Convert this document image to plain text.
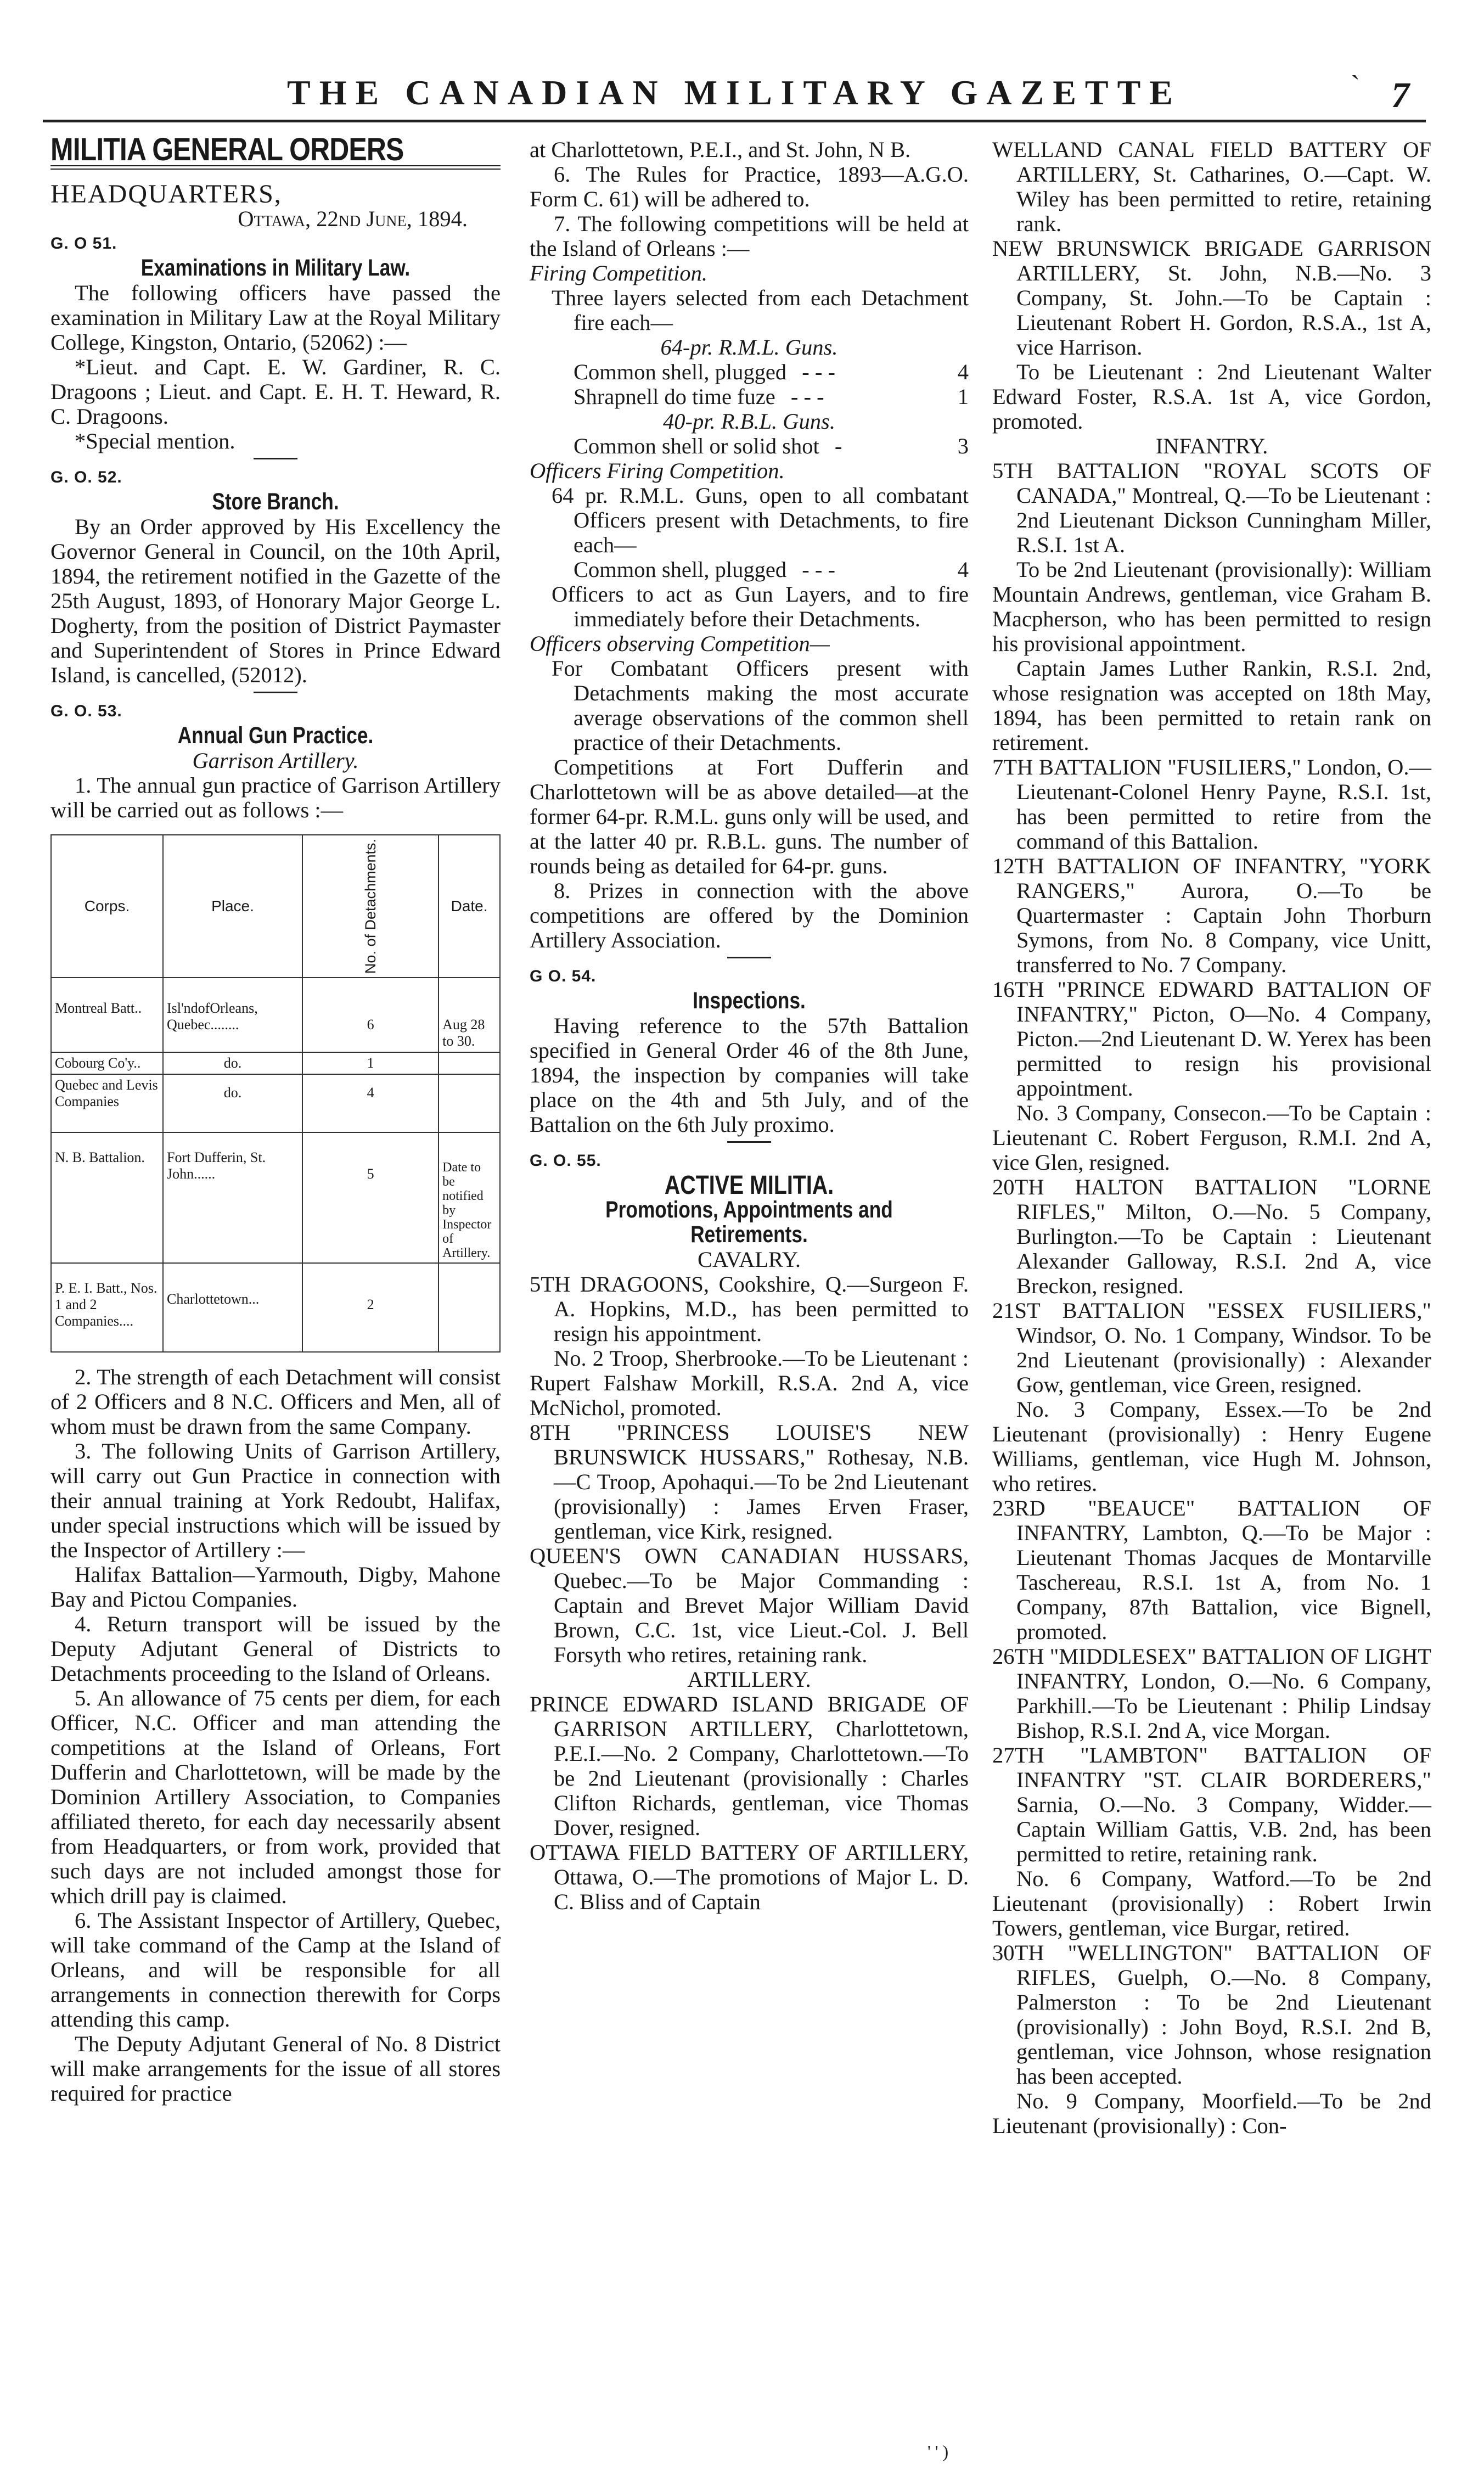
THE CANADIAN MILITARY GAZETTE	` 7

MILITIA GENERAL ORDERS

HEADQUARTERS,

Ottawa, 22nd June, 1894.

G. O 51.

Examinations in Military Law.

The following officers have passed the examination in Military Law at the Royal Military College, Kingston, Ontario, (52062) :—

*Lieut. and Capt. E. W. Gardiner, R. C. Dragoons ; Lieut. and Capt. E. H. T. Heward, R. C. Dragoons.

*Special mention.

G. O. 52.

Store Branch.

By an Order approved by His Excellency the Governor General in Council, on the 10th April, 1894, the retirement notified in the Gazette of the 25th August, 1893, of Honorary Major George L. Dogherty, from the position of District Paymaster and Superintendent of Stores in Prince Edward Island, is cancelled, (52012).

G. O. 53.

Annual Gun Practice.

Garrison Artillery.

1. The annual gun practice of Garrison Artillery will be carried out as follows :—

Corps.	Place.	No. of Detachments.	Date.
Montreal Batt..	Isl'ndofOrleans, Quebec........	6	Aug 28 to 30.
Cobourg Co'y..	do.	1	
Quebec and Levis Companies	do.	4	
N. B. Battalion.	Fort Dufferin, St. John......	5	Date to be notified by Inspector of Artillery.
P. E. I. Batt., Nos. 1 and 2 Companies....	Charlottetown...	2	

2. The strength of each Detachment will consist of 2 Officers and 8 N.C. Officers and Men, all of whom must be drawn from the same Company.

3. The following Units of Garrison Artillery, will carry out Gun Practice in connection with their annual training at York Redoubt, Halifax, under special instructions which will be issued by the Inspector of Artillery :—

Halifax Battalion—Yarmouth, Digby, Mahone Bay and Pictou Companies.

4. Return transport will be issued by the Deputy Adjutant General of Districts to Detachments proceeding to the Island of Orleans.

5. An allowance of 75 cents per diem, for each Officer, N.C. Officer and man attending the competitions at the Island of Orleans, Fort Dufferin and Charlottetown, will be made by the Dominion Artillery Association, to Companies affiliated thereto, for each day necessarily absent from Headquarters, or from work, provided that such days are not included amongst those for which drill pay is claimed.

6. The Assistant Inspector of Artillery, Quebec, will take command of the Camp at the Island of Orleans, and will be responsible for all arrangements in connection therewith for Corps attending this camp.

The Deputy Adjutant General of No. 8 District will make arrangements for the issue of all stores required for practice

at Charlottetown, P.E.I., and St. John, N B.

6. The Rules for Practice, 1893—A.G.O. Form C. 61) will be adhered to.

7. The following competitions will be held at the Island of Orleans :—

Firing Competition.

Three layers selected from each Detachment fire each—

64-pr. R.M.L. Guns.

Common shell, plugged - - -	4

Shrapnell do time fuze - - -	1

40-pr. R.B.L. Guns.

Common shell or solid shot -	3

Officers Firing Competition.

64 pr. R.M.L. Guns, open to all combatant Officers present with Detachments, to fire each—

Common shell, plugged - - -	4

Officers to act as Gun Layers, and to fire immediately before their Detachments.

Officers observing Competition—

For Combatant Officers present with Detachments making the most accurate average observations of the common shell practice of their Detachments.

Competitions at Fort Dufferin and Charlottetown will be as above detailed—at the former 64-pr. R.M.L. guns only will be used, and at the latter 40 pr. R.B.L. guns. The number of rounds being as detailed for 64-pr. guns.

8. Prizes in connection with the above competitions are offered by the Dominion Artillery Association.

G O. 54.

Inspections.

Having reference to the 57th Battalion specified in General Order 46 of the 8th June, 1894, the inspection by companies will take place on the 4th and 5th July, and of the Battalion on the 6th July proximo.

G. O. 55.

ACTIVE MILITIA.

Promotions, Appointments and Retirements.

CAVALRY.

5TH DRAGOONS, Cookshire, Q.—Surgeon F. A. Hopkins, M.D., has been permitted to resign his appointment.

No. 2 Troop, Sherbrooke.—To be Lieutenant : Rupert Falshaw Morkill, R.S.A. 2nd A, vice McNichol, promoted.

8TH "PRINCESS LOUISE'S NEW BRUNSWICK HUSSARS," Rothesay, N.B.—C Troop, Apohaqui.—To be 2nd Lieutenant (provisionally) : James Erven Fraser, gentleman, vice Kirk, resigned.

QUEEN'S OWN CANADIAN HUSSARS, Quebec.—To be Major Commanding : Captain and Brevet Major William David Brown, C.C. 1st, vice Lieut.-Col. J. Bell Forsyth who retires, retaining rank.

ARTILLERY.

PRINCE EDWARD ISLAND BRIGADE OF GARRISON ARTILLERY, Charlottetown, P.E.I.—No. 2 Company, Charlottetown.—To be 2nd Lieutenant (provisionally : Charles Clifton Richards, gentleman, vice Thomas Dover, resigned.

OTTAWA FIELD BATTERY OF ARTILLERY, Ottawa, O.—The promotions of Major L. D. C. Bliss and of Captain

WELLAND CANAL FIELD BATTERY OF ARTILLERY, St. Catharines, O.—Capt. W. Wiley has been permitted to retire, retaining rank.

NEW BRUNSWICK BRIGADE GARRISON ARTILLERY, St. John, N.B.—No. 3 Company, St. John.—To be Captain : Lieutenant Robert H. Gordon, R.S.A., 1st A, vice Harrison.

To be Lieutenant : 2nd Lieutenant Walter Edward Foster, R.S.A. 1st A, vice Gordon, promoted.

INFANTRY.

5TH BATTALION "ROYAL SCOTS OF CANADA," Montreal, Q.—To be Lieutenant : 2nd Lieutenant Dickson Cunningham Miller, R.S.I. 1st A.

To be 2nd Lieutenant (provisionally): William Mountain Andrews, gentleman, vice Graham B. Macpherson, who has been permitted to resign his provisional appointment.

Captain James Luther Rankin, R.S.I. 2nd, whose resignation was accepted on 18th May, 1894, has been permitted to retain rank on retirement.

7TH BATTALION "FUSILIERS," London, O.—Lieutenant-Colonel Henry Payne, R.S.I. 1st, has been permitted to retire from the command of this Battalion.

12TH BATTALION OF INFANTRY, "YORK RANGERS," Aurora, O.—To be Quartermaster : Captain John Thorburn Symons, from No. 8 Company, vice Unitt, transferred to No. 7 Company.

16TH "PRINCE EDWARD BATTALION OF INFANTRY," Picton, O—No. 4 Company, Picton.—2nd Lieutenant D. W. Yerex has been permitted to resign his provisional appointment.

No. 3 Company, Consecon.—To be Captain : Lieutenant C. Robert Ferguson, R.M.I. 2nd A, vice Glen, resigned.

20TH HALTON BATTALION "LORNE RIFLES," Milton, O.—No. 5 Company, Burlington.—To be Captain : Lieutenant Alexander Galloway, R.S.I. 2nd A, vice Breckon, resigned.

21ST BATTALION "ESSEX FUSILIERS," Windsor, O. No. 1 Company, Windsor. To be 2nd Lieutenant (provisionally) : Alexander Gow, gentleman, vice Green, resigned.

No. 3 Company, Essex.—To be 2nd Lieutenant (provisionally) : Henry Eugene Williams, gentleman, vice Hugh M. Johnson, who retires.

23RD "BEAUCE" BATTALION OF INFANTRY, Lambton, Q.—To be Major : Lieutenant Thomas Jacques de Montarville Taschereau, R.S.I. 1st A, from No. 1 Company, 87th Battalion, vice Bignell, promoted.

26TH "MIDDLESEX" BATTALION OF LIGHT INFANTRY, London, O.—No. 6 Company, Parkhill.—To be Lieutenant : Philip Lindsay Bishop, R.S.I. 2nd A, vice Morgan.

27TH "LAMBTON" BATTALION OF INFANTRY "ST. CLAIR BORDERERS," Sarnia, O.—No. 3 Company, Widder.—Captain William Gattis, V.B. 2nd, has been permitted to retire, retaining rank.

No. 6 Company, Watford.—To be 2nd Lieutenant (provisionally) : Robert Irwin Towers, gentleman, vice Burgar, retired.

30TH "WELLINGTON" BATTALION OF RIFLES, Guelph, O.—No. 8 Company, Palmerston : To be 2nd Lieutenant (provisionally) : John Boyd, R.S.I. 2nd B, gentleman, vice Johnson, whose resignation has been accepted.

No. 9 Company, Moorfield.—To be 2nd Lieutenant (provisionally) : Con-

' ' )
